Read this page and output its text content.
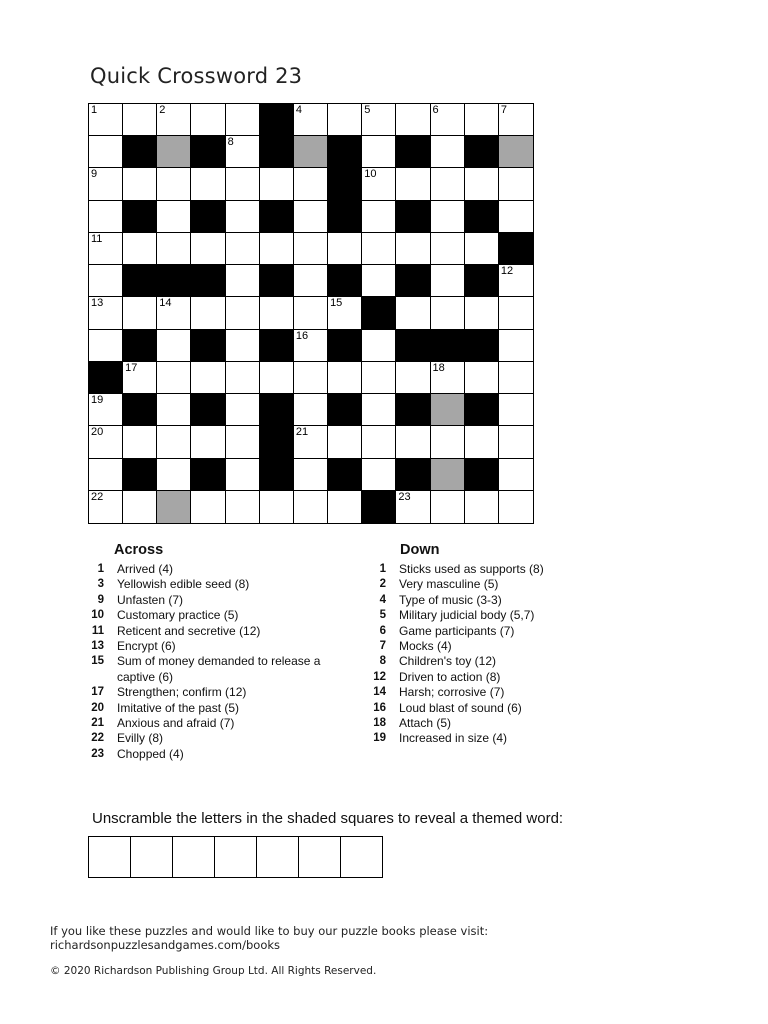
Quick Crossword 23
1	2	3	4	5	6	7
8
9	10
11
12
13	14	15
16
17	18
19
20	21
22	23
Across
1	Arrived (4)
3	Yellowish edible seed (8)
9	Unfasten (7)
10	Customary practice (5)
11	Reticent and secretive (12)
13	Encrypt (6)
15	Sum of money demanded to release a captive (6)
17	Strengthen; confirm (12)
20	Imitative of the past (5)
21	Anxious and afraid (7)
22	Evilly (8)
23	Chopped (4)
Down
1	Sticks used as supports (8)
2	Very masculine (5)
4	Type of music (3-3)
5	Military judicial body (5,7)
6	Game participants (7)
7	Mocks (4)
8	Children's toy (12)
12	Driven to action (8)
14	Harsh; corrosive (7)
16	Loud blast of sound (6)
18	Attach (5)
19	Increased in size (4)
Unscramble the letters in the shaded squares to reveal a themed word:
If you like these puzzles and would like to buy our puzzle books please visit:
richardsonpuzzlesandgames.com/books
© 2020 Richardson Publishing Group Ltd. All Rights Reserved.
